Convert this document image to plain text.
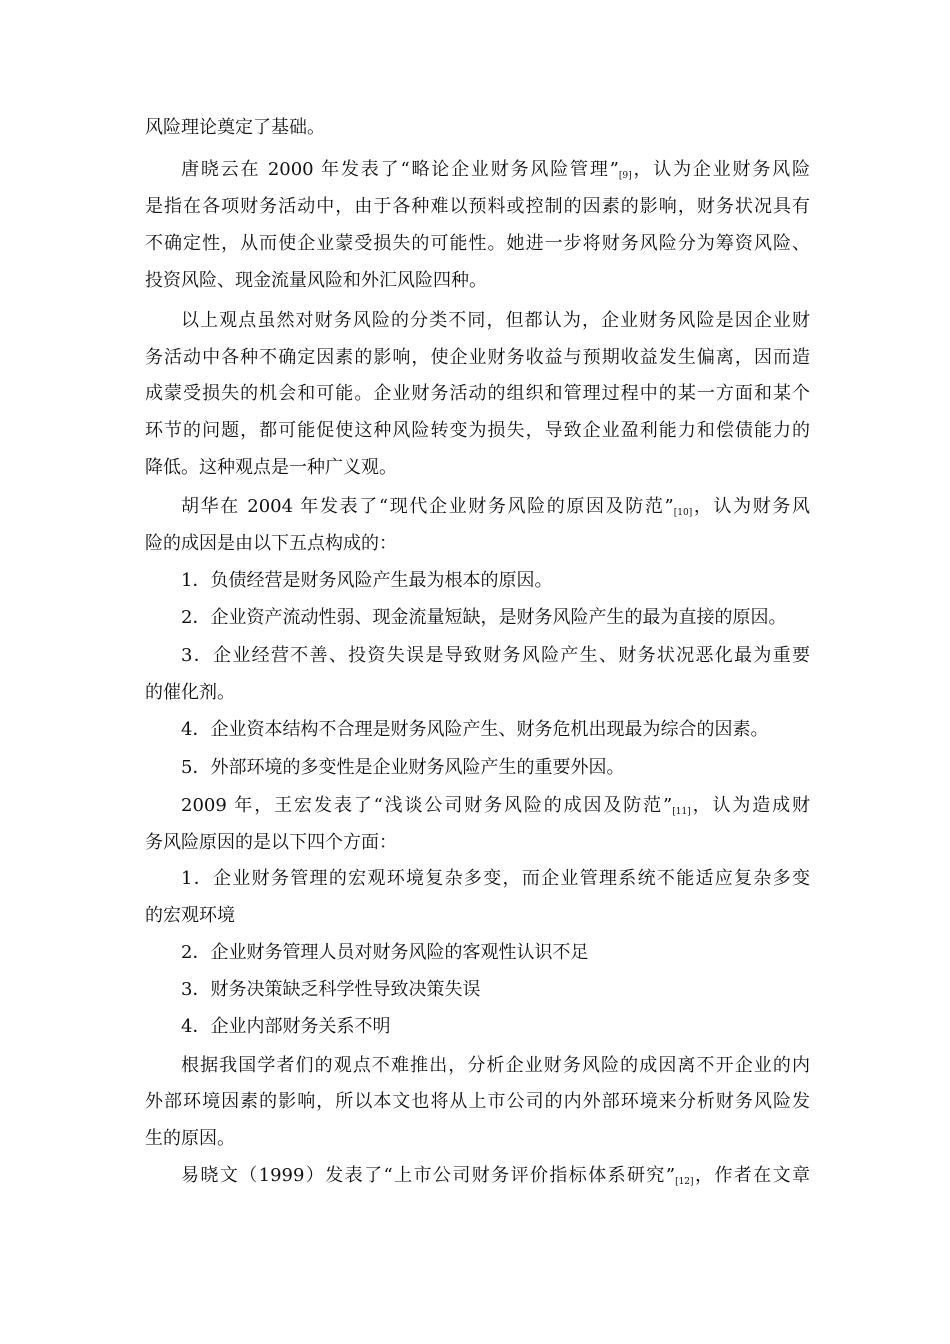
风险理论奠定了基础。
唐晓云在 2000 年发表了“略论企业财务风险管理”[9]，认为企业财务风险
是指在各项财务活动中，由于各种难以预料或控制的因素的影响，财务状况具有
不确定性，从而使企业蒙受损失的可能性。她进一步将财务风险分为筹资风险、
投资风险、现金流量风险和外汇风险四种。
以上观点虽然对财务风险的分类不同，但都认为，企业财务风险是因企业财
务活动中各种不确定因素的影响，使企业财务收益与预期收益发生偏离，因而造
成蒙受损失的机会和可能。企业财务活动的组织和管理过程中的某一方面和某个
环节的问题，都可能促使这种风险转变为损失，导致企业盈利能力和偿债能力的
降低。这种观点是一种广义观。
胡华在 2004 年发表了“现代企业财务风险的原因及防范”[10]，认为财务风
险的成因是由以下五点构成的：
1．负债经营是财务风险产生最为根本的原因。
2．企业资产流动性弱、现金流量短缺，是财务风险产生的最为直接的原因。
3．企业经营不善、投资失误是导致财务风险产生、财务状况恶化最为重要
的催化剂。
4．企业资本结构不合理是财务风险产生、财务危机出现最为综合的因素。
5．外部环境的多变性是企业财务风险产生的重要外因。
2009 年，王宏发表了“浅谈公司财务风险的成因及防范”[11]，认为造成财
务风险原因的是以下四个方面：
1．企业财务管理的宏观环境复杂多变，而企业管理系统不能适应复杂多变
的宏观环境
2．企业财务管理人员对财务风险的客观性认识不足
3．财务决策缺乏科学性导致决策失误
4．企业内部财务关系不明
根据我国学者们的观点不难推出，分析企业财务风险的成因离不开企业的内
外部环境因素的影响，所以本文也将从上市公司的内外部环境来分析财务风险发
生的原因。
易晓文（1999）发表了“上市公司财务评价指标体系研究”[12]，作者在文章
